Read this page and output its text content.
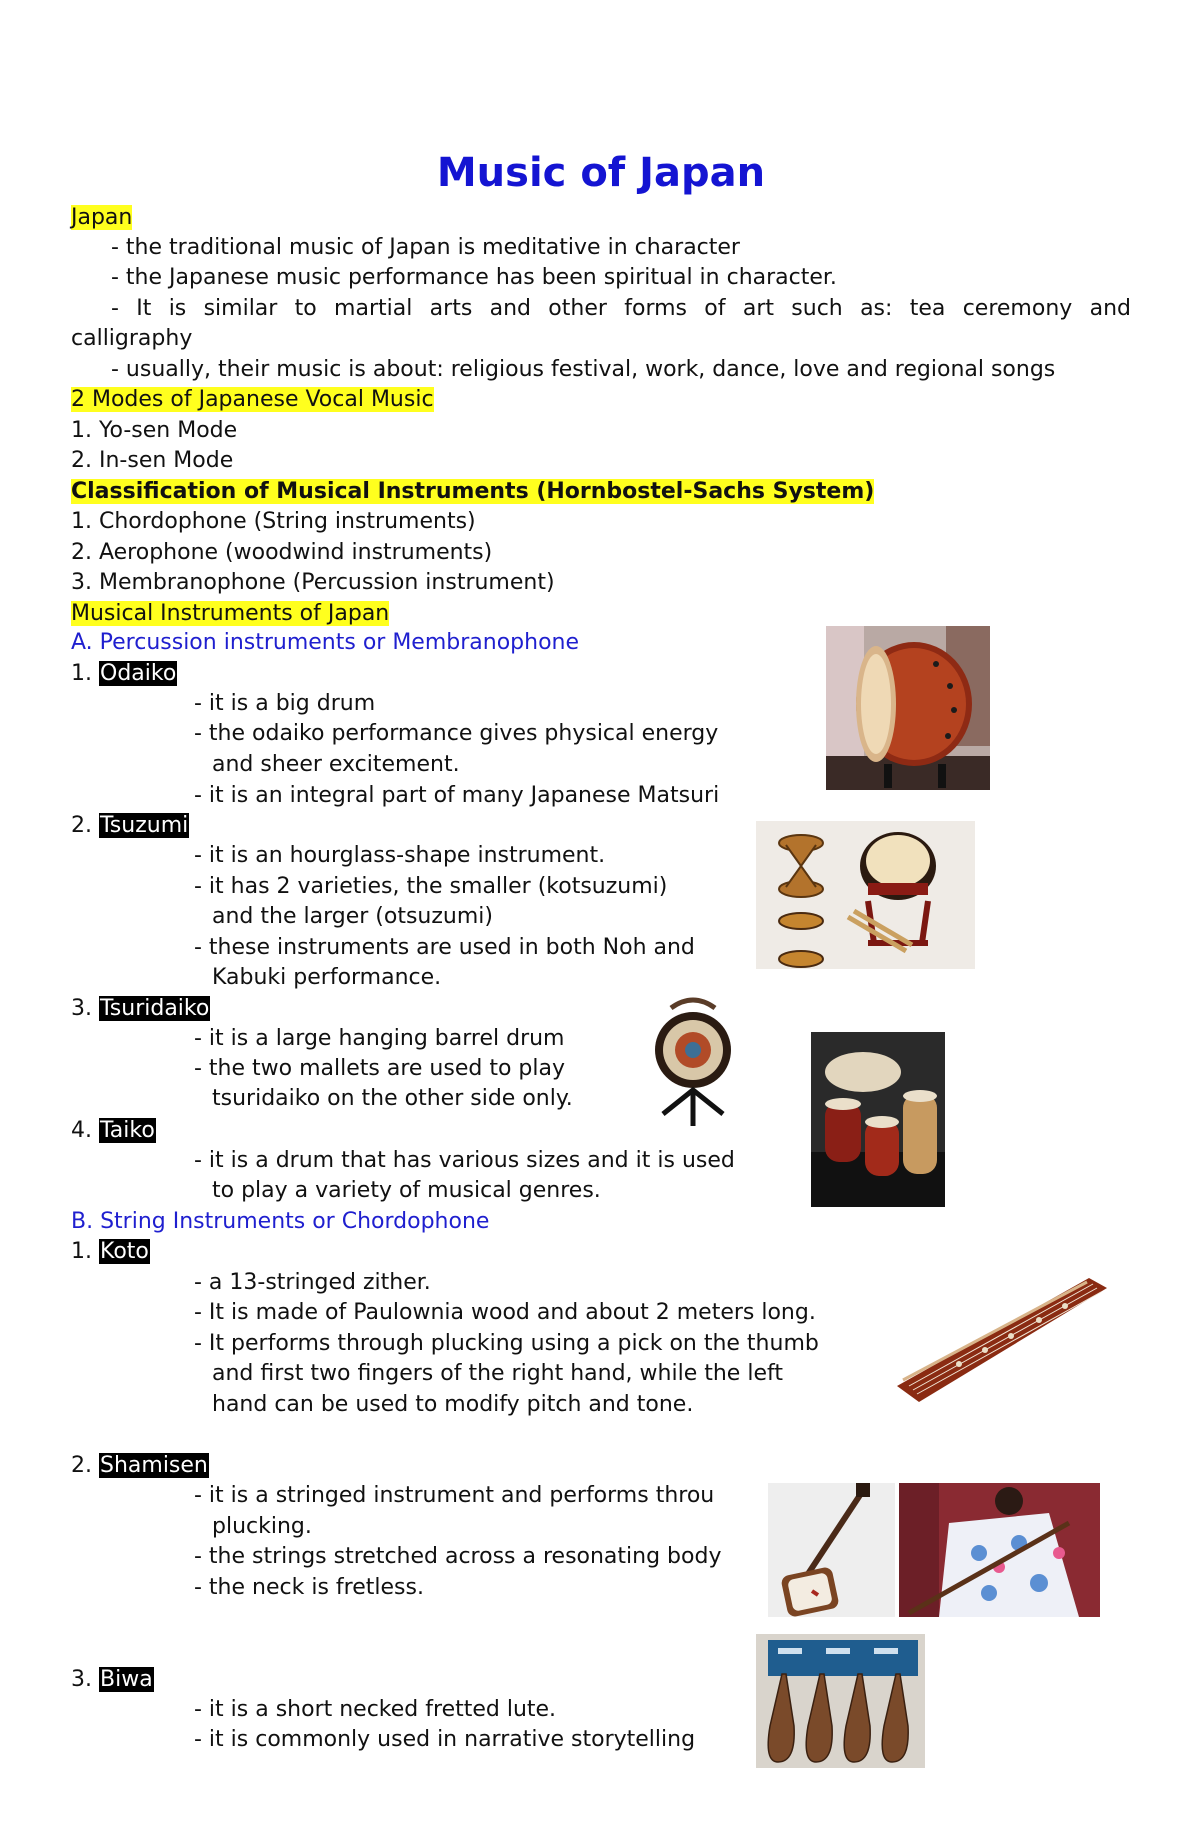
Music of Japan
Japan
- the traditional music of Japan is meditative in character
- the Japanese music performance has been spiritual in character.
- It is similar to martial arts and other forms of art such as: tea ceremony and
calligraphy
- usually, their music is about: religious festival, work, dance, love and regional songs
2 Modes of Japanese Vocal Music
1. Yo-sen Mode
2. In-sen Mode
Classification of Musical Instruments (Hornbostel-Sachs System)
1. Chordophone (String instruments)
2. Aerophone (woodwind instruments)
3. Membranophone (Percussion instrument)
Musical Instruments of Japan
A. Percussion instruments or Membranophone
1. Odaiko
- it is a big drum
- the odaiko performance gives physical energy
and sheer excitement.
- it is an integral part of many Japanese Matsuri
2. Tsuzumi
- it is an hourglass-shape instrument.
- it has 2 varieties, the smaller (kotsuzumi)
and the larger (otsuzumi)
- these instruments are used in both Noh and
Kabuki performance.
3. Tsuridaiko
- it is a large hanging barrel drum
- the two mallets are used to play
tsuridaiko on the other side only.
4. Taiko
- it is a drum that has various sizes and it is used
to play a variety of musical genres.
B. String Instruments or Chordophone
1. Koto
- a 13-stringed zither.
- It is made of Paulownia wood and about 2 meters long.
- It performs through plucking using a pick on the thumb
and first two fingers of the right hand, while the left
hand can be used to modify pitch and tone.
2. Shamisen
- it is a stringed instrument and performs throu
plucking.
- the strings stretched across a resonating body
- the neck is fretless.
3. Biwa
- it is a short necked fretted lute.
- it is commonly used in narrative storytelling
